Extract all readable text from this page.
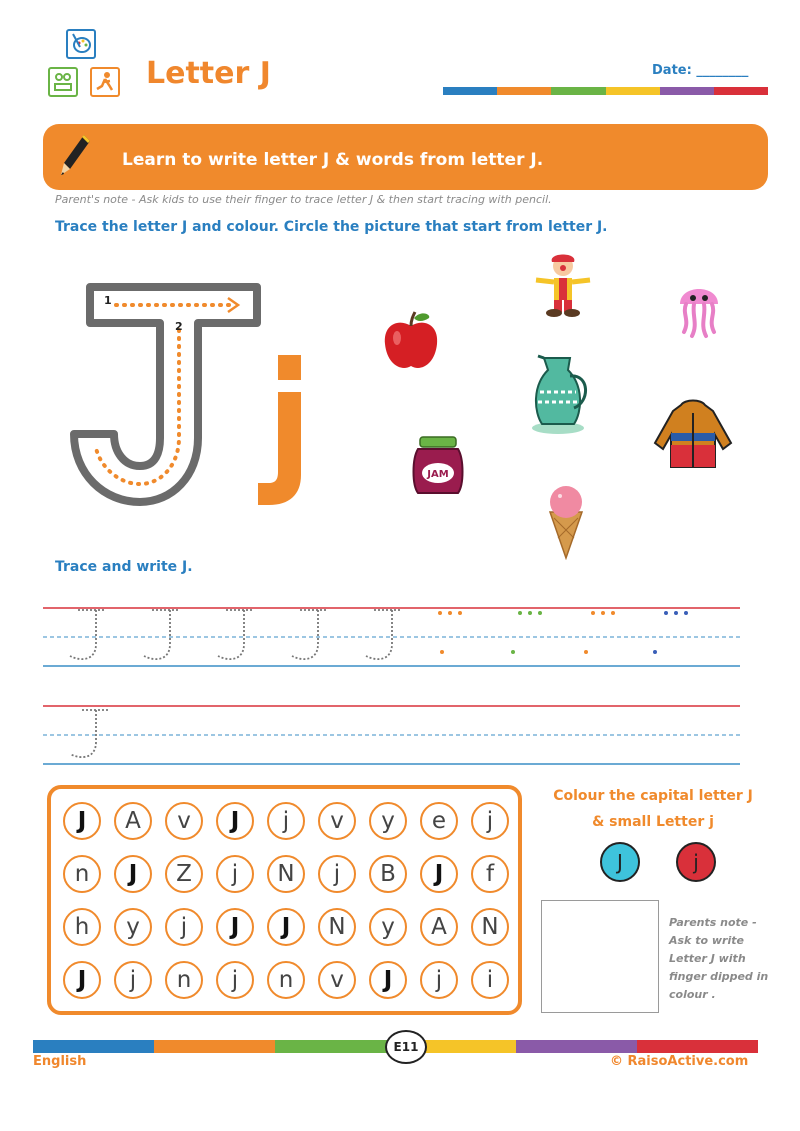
Letter J	Date: ________
Learn to write letter J & words from letter J.
Parent's note - Ask kids to use their finger to trace letter J & then start tracing with pencil.
Trace the letter J and colour. Circle the picture that start from letter J.
1
2
JAM
Trace and write J.
J	A	v	J	j	v	y	e	j
n	J	Z	j	N	j	B	J	f
h	y	j	J	J	N	y	A	N
J	j	n	j	n	v	J	j	i
Colour the capital letter J
& small Letter j
J	j
Parents note - Ask to write Letter J with finger dipped in colour .
English
E11
© RaisoActive.com
